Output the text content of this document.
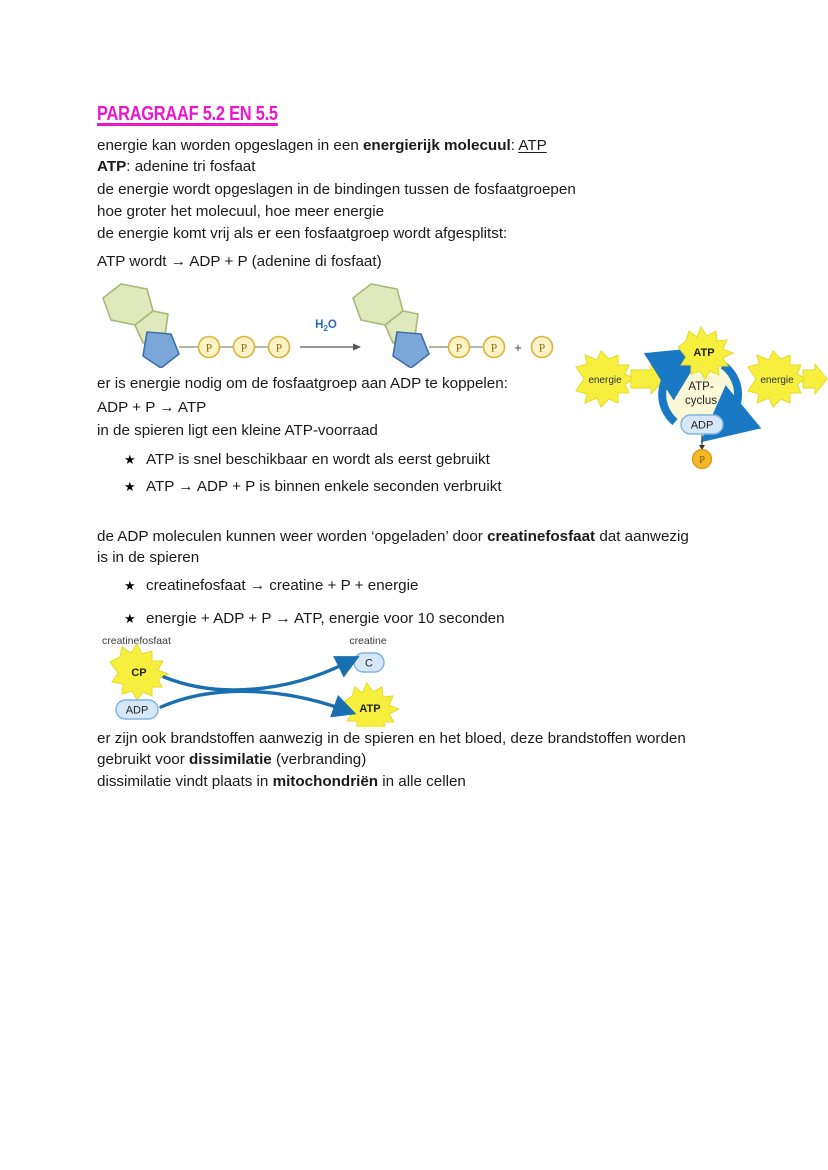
PARAGRAAF 5.2 EN 5.5
energie kan worden opgeslagen in een energierijk molecuul: ATP
ATP: adenine tri fosfaat
de energie wordt opgeslagen in de bindingen tussen de fosfaatgroepen
hoe groter het molecuul, hoe meer energie
de energie komt vrij als er een fosfaatgroep wordt afgesplitst:
ATP wordt → ADP + P (adenine di fosfaat)
P P P
$H_2O$
P P + P
energie	energie
ATP
ATP-
cyclus
ADP
P
er is energie nodig om de fosfaatgroep aan ADP te koppelen:
ADP + P → ATP
in de spieren ligt een kleine ATP-voorraad
★ ATP is snel beschikbaar en wordt als eerst gebruikt
★ ATP → ADP + P is binnen enkele seconden verbruikt
de ADP moleculen kunnen weer worden ‘opgeladen’ door creatinefosfaat dat aanwezig is in de spieren
★ creatinefosfaat → creatine + P + energie
★ energie + ADP + P → ATP, energie voor 10 seconden
creatinefosfaat	creatine
CP
ADP
C
ATP
er zijn ook brandstoffen aanwezig in de spieren en het bloed, deze brandstoffen worden gebruikt voor dissimilatie (verbranding)
dissimilatie vindt plaats in mitochondriën in alle cellen
